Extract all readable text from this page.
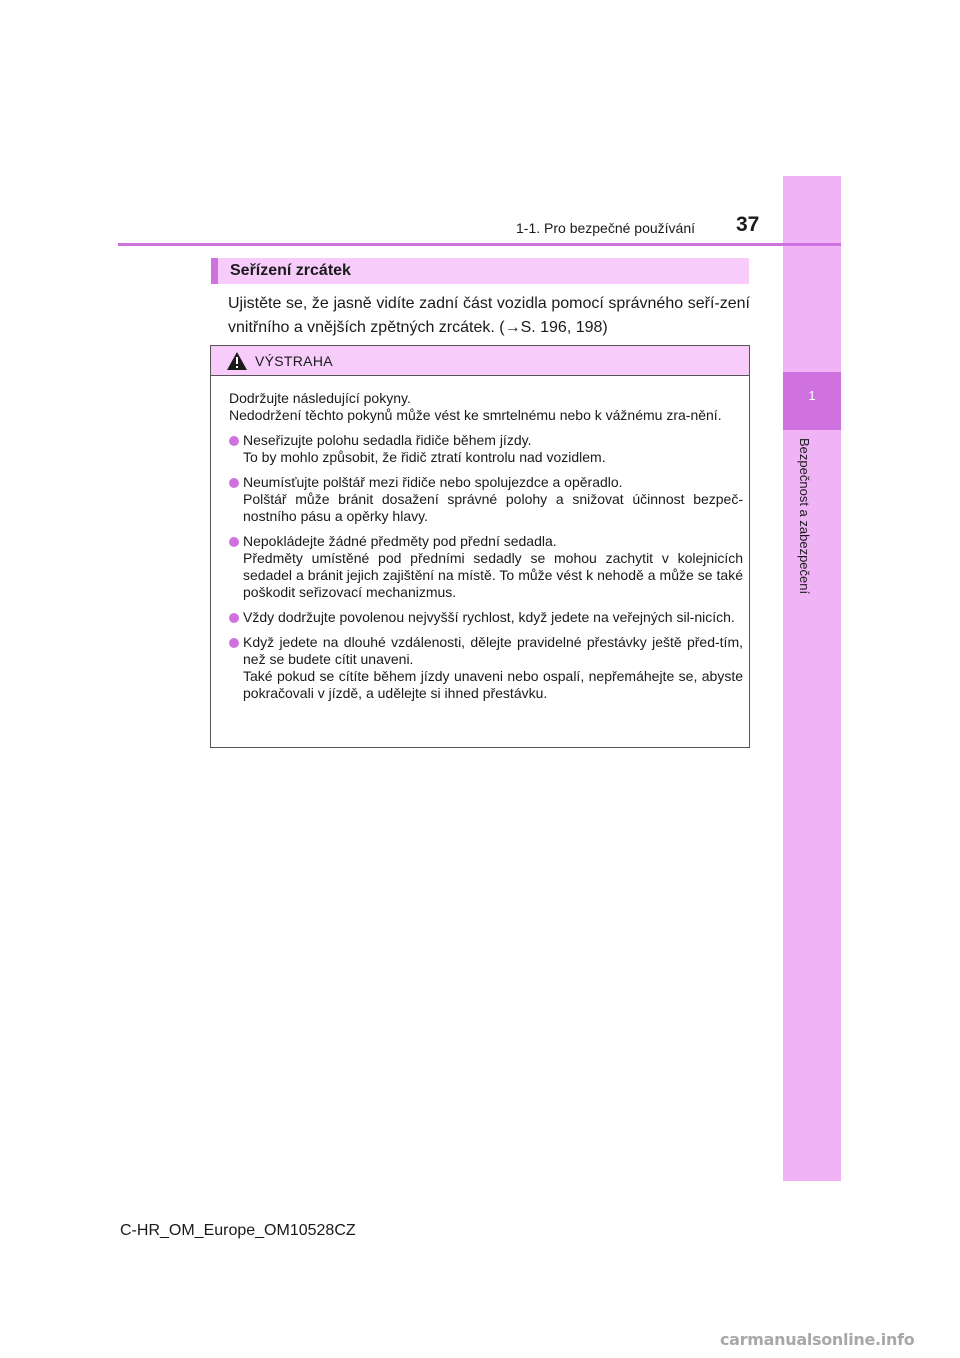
1
Bezpečnost a zabezpečení
1-1. Pro bezpečné používání 37
Seřízení zrcátek
Ujistěte se, že jasně vidíte zadní část vozidla pomocí správného seří-zení vnitřního a vnějších zpětných zrcátek. (→S. 196, 198)
VÝSTRAHA

Dodržujte následující pokyny.
Nedodržení těchto pokynů může vést ke smrtelnému nebo k vážnému zra-nění.

Neseřizujte polohu sedadla řidiče během jízdy.
To by mohlo způsobit, že řidič ztratí kontrolu nad vozidlem.
Neumísťujte polštář mezi řidiče nebo spolujezdce a opěradlo.
Polštář může bránit dosažení správné polohy a snižovat účinnost bezpeč-nostního pásu a opěrky hlavy.
Nepokládejte žádné předměty pod přední sedadla.
Předměty umístěné pod předními sedadly se mohou zachytit v kolejnicích sedadel a bránit jejich zajištění na místě. To může vést k nehodě a může se také poškodit seřizovací mechanizmus.
Vždy dodržujte povolenou nejvyšší rychlost, když jedete na veřejných sil-nicích.
Když jedete na dlouhé vzdálenosti, dělejte pravidelné přestávky ještě před-tím, než se budete cítit unaveni.
Také pokud se cítíte během jízdy unaveni nebo ospalí, nepřemáhejte se, abyste pokračovali v jízdě, a udělejte si ihned přestávku.
C-HR_OM_Europe_OM10528CZ
carmanualsonline.info
